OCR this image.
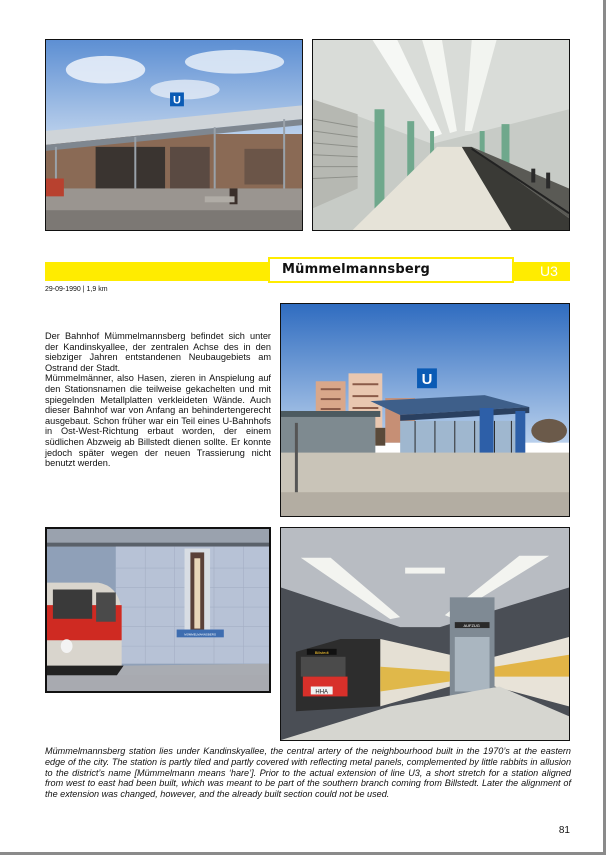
U
Mümmelmannsberg	U3
29-09-1990 | 1,9 km

Der Bahnhof Mümmelmannsberg befindet sich unter der Kandinskyallee, der zentralen Achse des in den siebziger Jahren entstandenen Neubaugebiets am Ostrand der Stadt.

Mümmelmänner, also Hasen, zieren in Anspielung auf den Stationsnamen die teilweise gekachelten und mit spiegelnden Metallplatten verkleideten Wände. Auch dieser Bahnhof war von Anfang an behindertengerecht ausgebaut. Schon früher war ein Teil eines U-Bahnhofs in Ost-West-Richtung erbaut worden, der einem südlichen Abzweig ab Billstedt dienen sollte. Er konnte jedoch später wegen der neuen Trassierung nicht benutzt werden.

U
MÜMMELMANNSBERG
AUFZUG
HHA
Billstedt

Mümmelmannsberg station lies under Kandinskyallee, the central artery of the neighbourhood built in the 1970’s at the eastern edge of the city. The station is partly tiled and partly covered with reflecting metal panels, complemented by little rabbits in allusion to the district’s name [Mümmelmann means ‘hare’]. Prior to the actual extension of line U3, a short stretch for a station aligned from west to east had been built, which was meant to be part of the southern branch coming from Billstedt. Later the alignment of the extension was changed, however, and the already built section could not be used.

81
